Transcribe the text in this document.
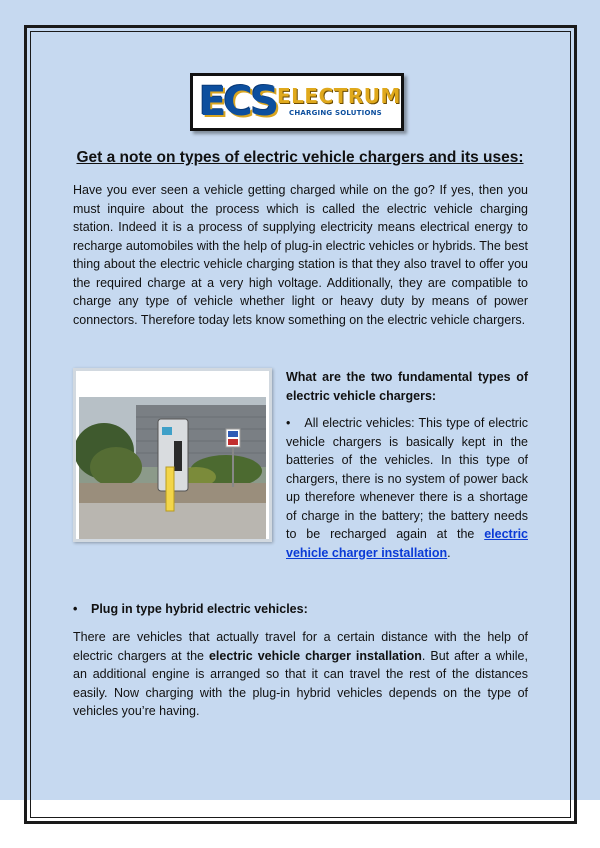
ECS ELECTRUM
CHARGING SOLUTIONS
Get a note on types of electric vehicle chargers and its uses:

Have you ever seen a vehicle getting charged while on the go? If yes, then you must inquire about the process which is called the electric vehicle charging station. Indeed it is a process of supplying electricity means electrical energy to recharge automobiles with the help of plug-in electric vehicles or hybrids. The best thing about the electric vehicle charging station is that they also travel to offer you the required charge at a very high voltage. Additionally, they are compatible to charge any type of vehicle whether light or heavy duty by means of power connectors. Therefore today lets know something on the electric vehicle chargers.

What are the two fundamental types of electric vehicle chargers:

• All electric vehicles: This type of electric vehicle chargers is basically kept in the batteries of the vehicles. In this type of chargers, there is no system of power back up therefore whenever there is a shortage of charge in the battery; the battery needs to be recharged again at the electric vehicle charger installation.

• Plug in type hybrid electric vehicles:

There are vehicles that actually travel for a certain distance with the help of electric chargers at the electric vehicle charger installation. But after a while, an additional engine is arranged so that it can travel the rest of the distances easily. Now charging with the plug-in hybrid vehicles depends on the type of vehicles you’re having.
